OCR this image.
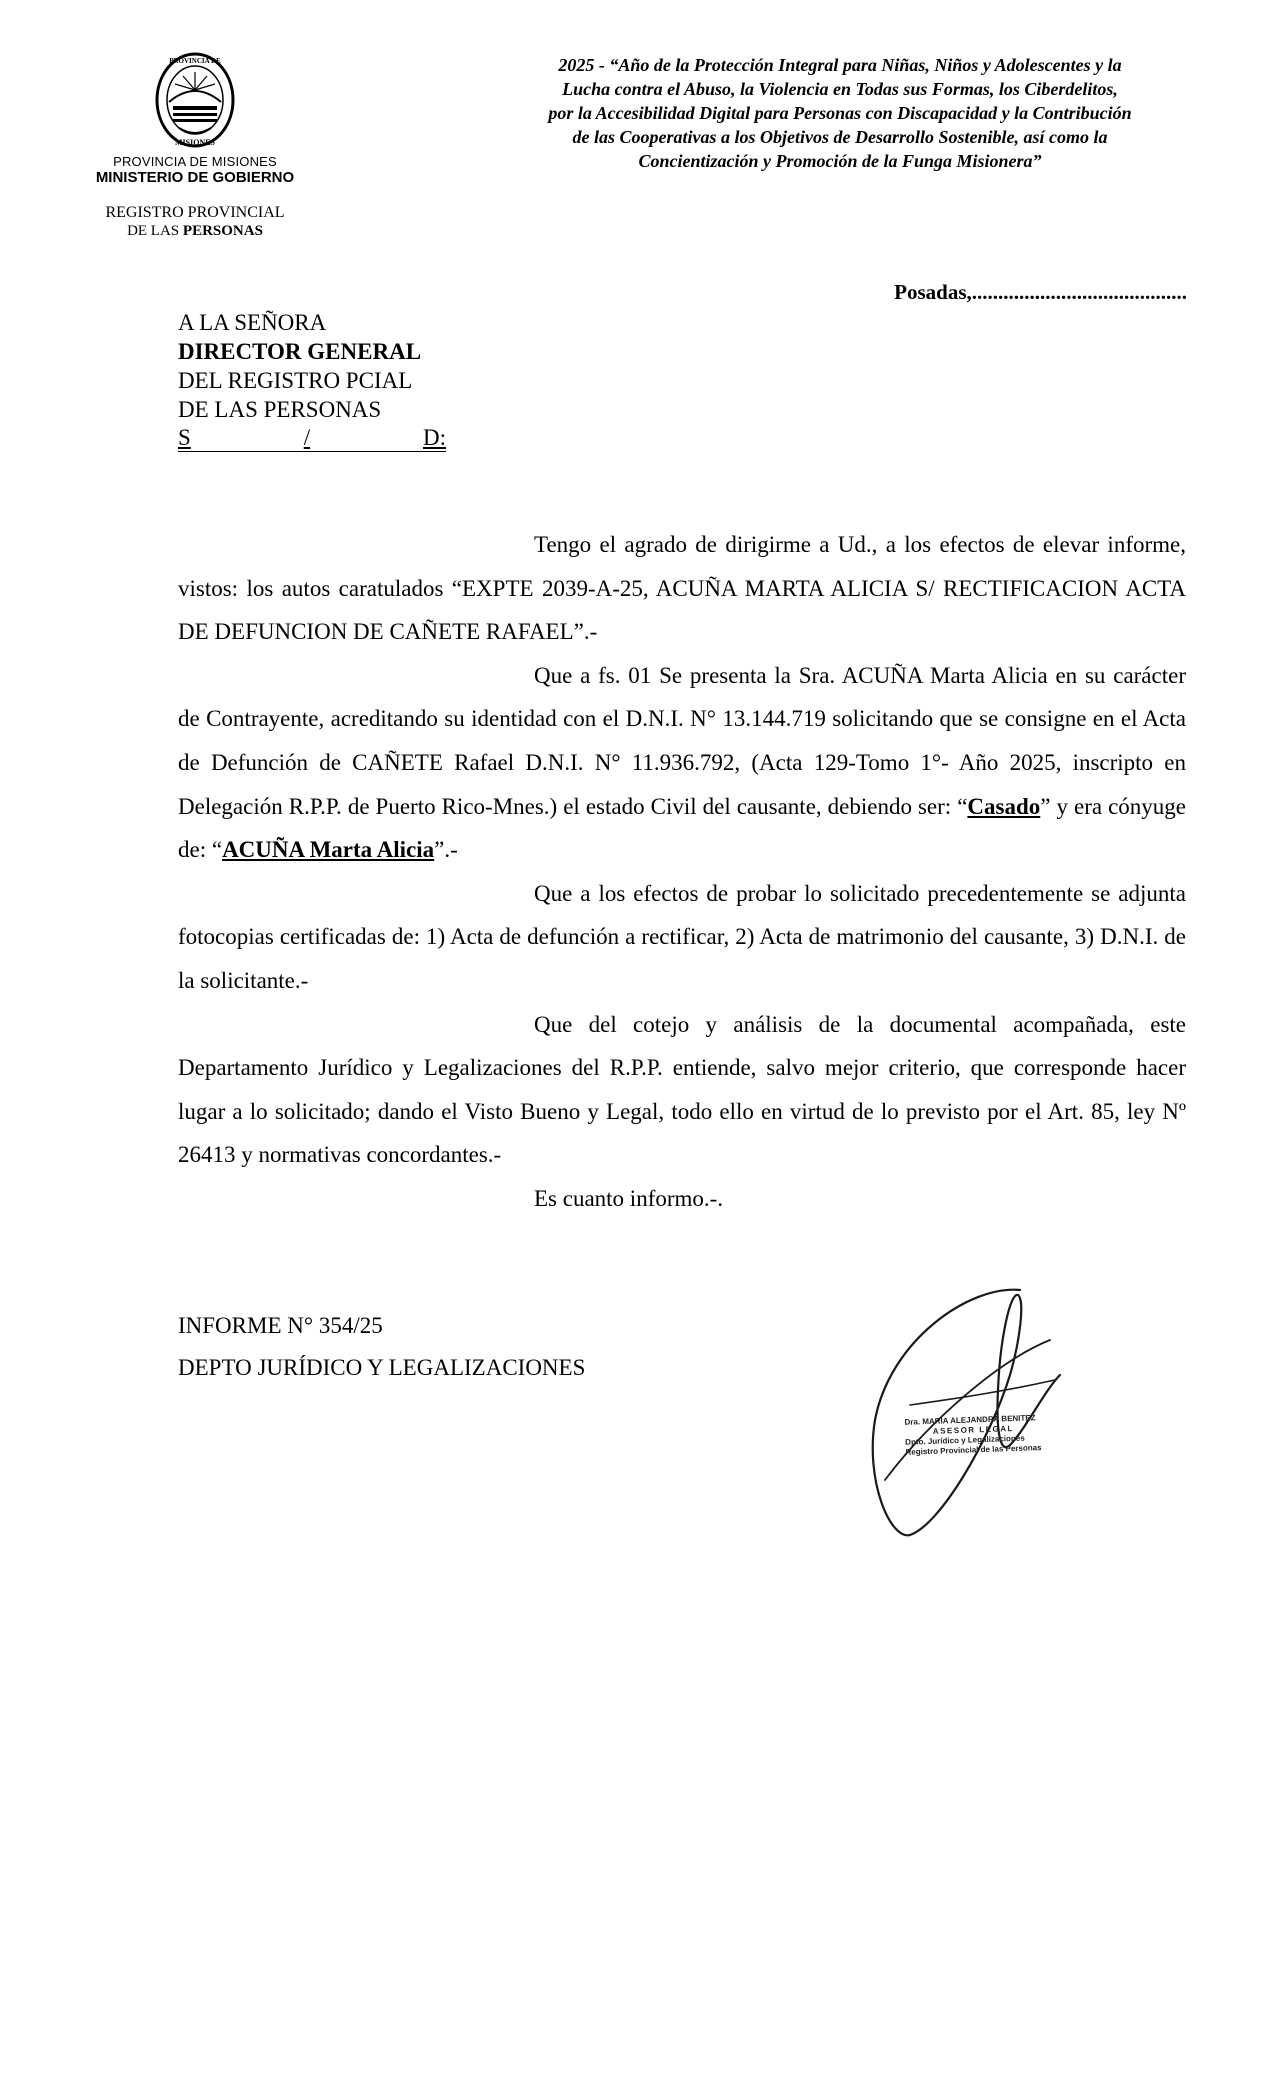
PROVINCIA DE
MISIONES
PROVINCIA DE MISIONES
MINISTERIO DE GOBIERNO
REGISTRO PROVINCIAL
DE LAS PERSONAS
2025 - “Año de la Protección Integral para Niñas, Niños y Adolescentes y la
Lucha contra el Abuso, la Violencia en Todas sus Formas, los Ciberdelitos,
por la Accesibilidad Digital para Personas con Discapacidad y la Contribución
de las Cooperativas a los Objetivos de Desarrollo Sostenible, así como la
Concientización y Promoción de la Funga Misionera”
Posadas,.........................................
A LA SEÑORA
DIRECTOR GENERAL
DEL REGISTRO PCIAL
DE LAS PERSONAS
S	/	D:

Tengo el agrado de dirigirme a Ud., a los efectos de elevar informe, vistos: los autos caratulados “EXPTE 2039-A-25, ACUÑA MARTA ALICIA S/ RECTIFICACION ACTA DE DEFUNCION DE CAÑETE RAFAEL”.-

Que a fs. 01 Se presenta la Sra. ACUÑA Marta Alicia en su carácter de Contrayente, acreditando su identidad con el D.N.I. N° 13.144.719 solicitando que se consigne en el Acta de Defunción de CAÑETE Rafael D.N.I. N° 11.936.792, (Acta 129-Tomo 1°- Año 2025, inscripto en Delegación R.P.P. de Puerto Rico-Mnes.) el estado Civil del causante, debiendo ser: “Casado” y era cónyuge de: “ACUÑA Marta Alicia”.-

Que a los efectos de probar lo solicitado precedentemente se adjunta fotocopias certificadas de: 1) Acta de defunción a rectificar, 2) Acta de matrimonio del causante, 3) D.N.I. de la solicitante.-

Que del cotejo y análisis de la documental acompañada, este Departamento Jurídico y Legalizaciones del R.P.P. entiende, salvo mejor criterio, que corresponde hacer lugar a lo solicitado; dando el Visto Bueno y Legal, todo ello en virtud de lo previsto por el Art. 85, ley Nº 26413 y normativas concordantes.-

Es cuanto informo.-.

INFORME N° 354/25
DEPTO JURÍDICO Y LEGALIZACIONES
Dra. MARIA ALEJANDRA BENITEZ
ASESOR LEGAL
Dpto. Jurídico y Legalizaciones
Registro Provincial de las Personas
